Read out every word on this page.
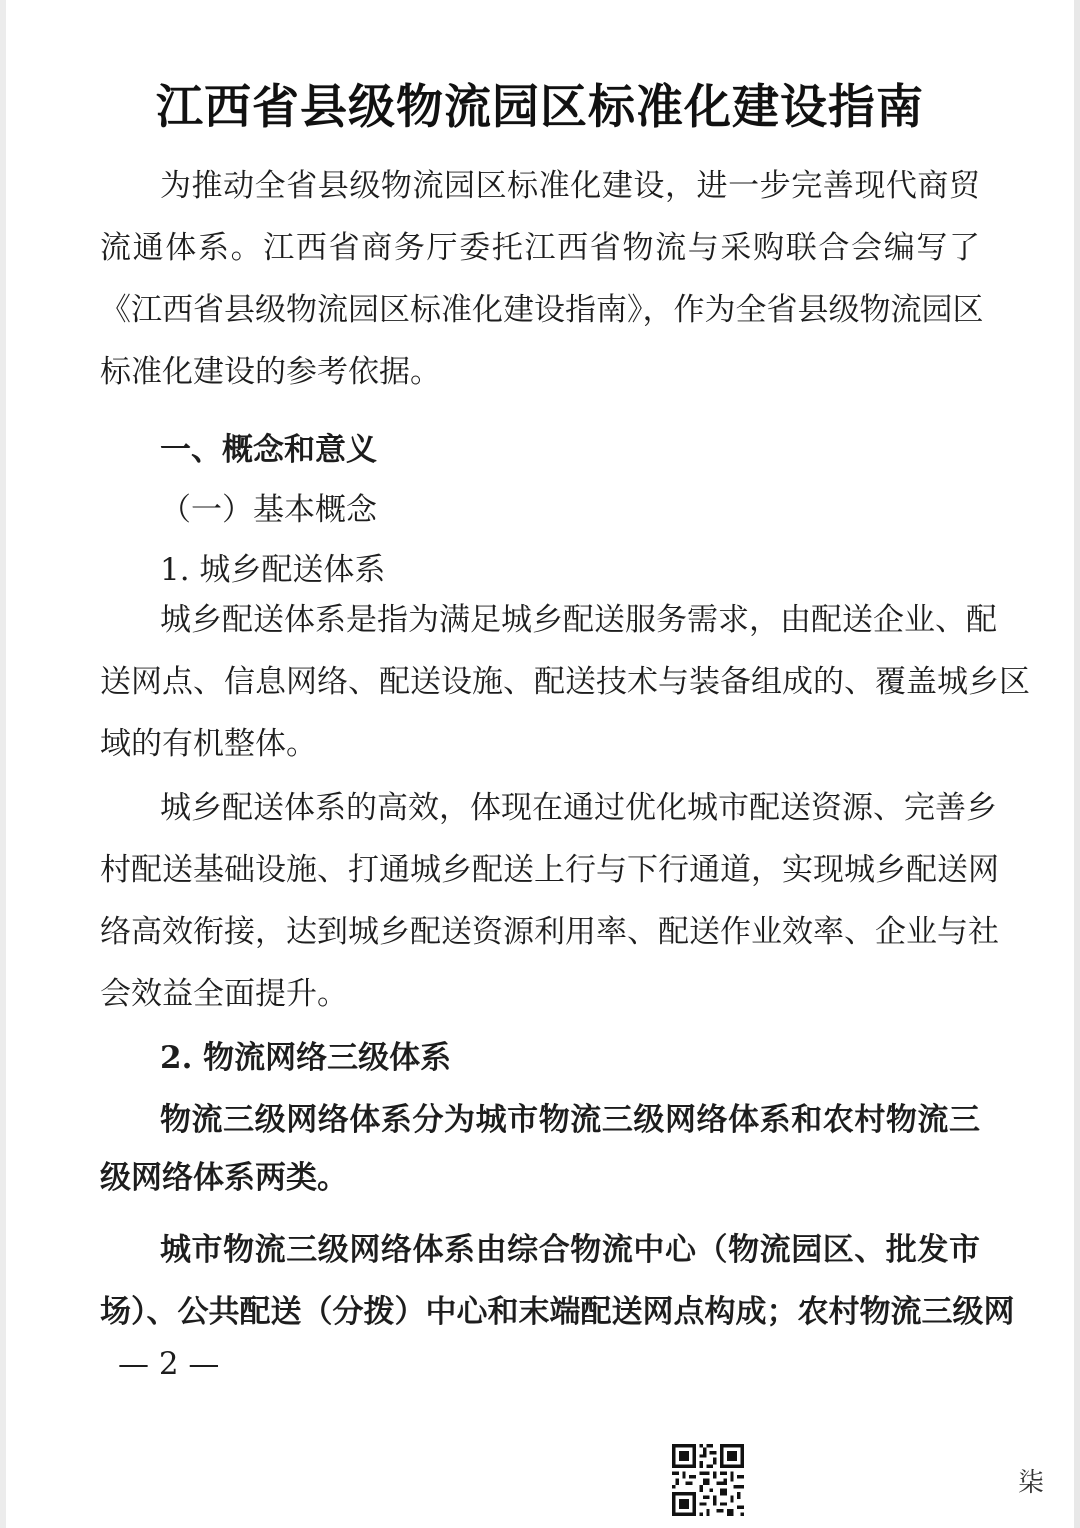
江西省县级物流园区标准化建设指南
为推动全省县级物流园区标准化建设，进一步完善现代商贸
流通体系。江西省商务厅委托江西省物流与采购联合会编写了
《江西省县级物流园区标准化建设指南》，作为全省县级物流园区
标准化建设的参考依据。
一、概念和意义
（一）基本概念
1. 城乡配送体系
城乡配送体系是指为满足城乡配送服务需求，由配送企业、配
送网点、信息网络、配送设施、配送技术与装备组成的、覆盖城乡区
域的有机整体。
城乡配送体系的高效，体现在通过优化城市配送资源、完善乡
村配送基础设施、打通城乡配送上行与下行通道，实现城乡配送网
络高效衔接，达到城乡配送资源利用率、配送作业效率、企业与社
会效益全面提升。
2. 物流网络三级体系
物流三级网络体系分为城市物流三级网络体系和农村物流三
级网络体系两类。
城市物流三级网络体系由综合物流中心（物流园区、批发市
场）、公共配送（分拨）中心和末端配送网点构成；农村物流三级网
— 2 —
柒
